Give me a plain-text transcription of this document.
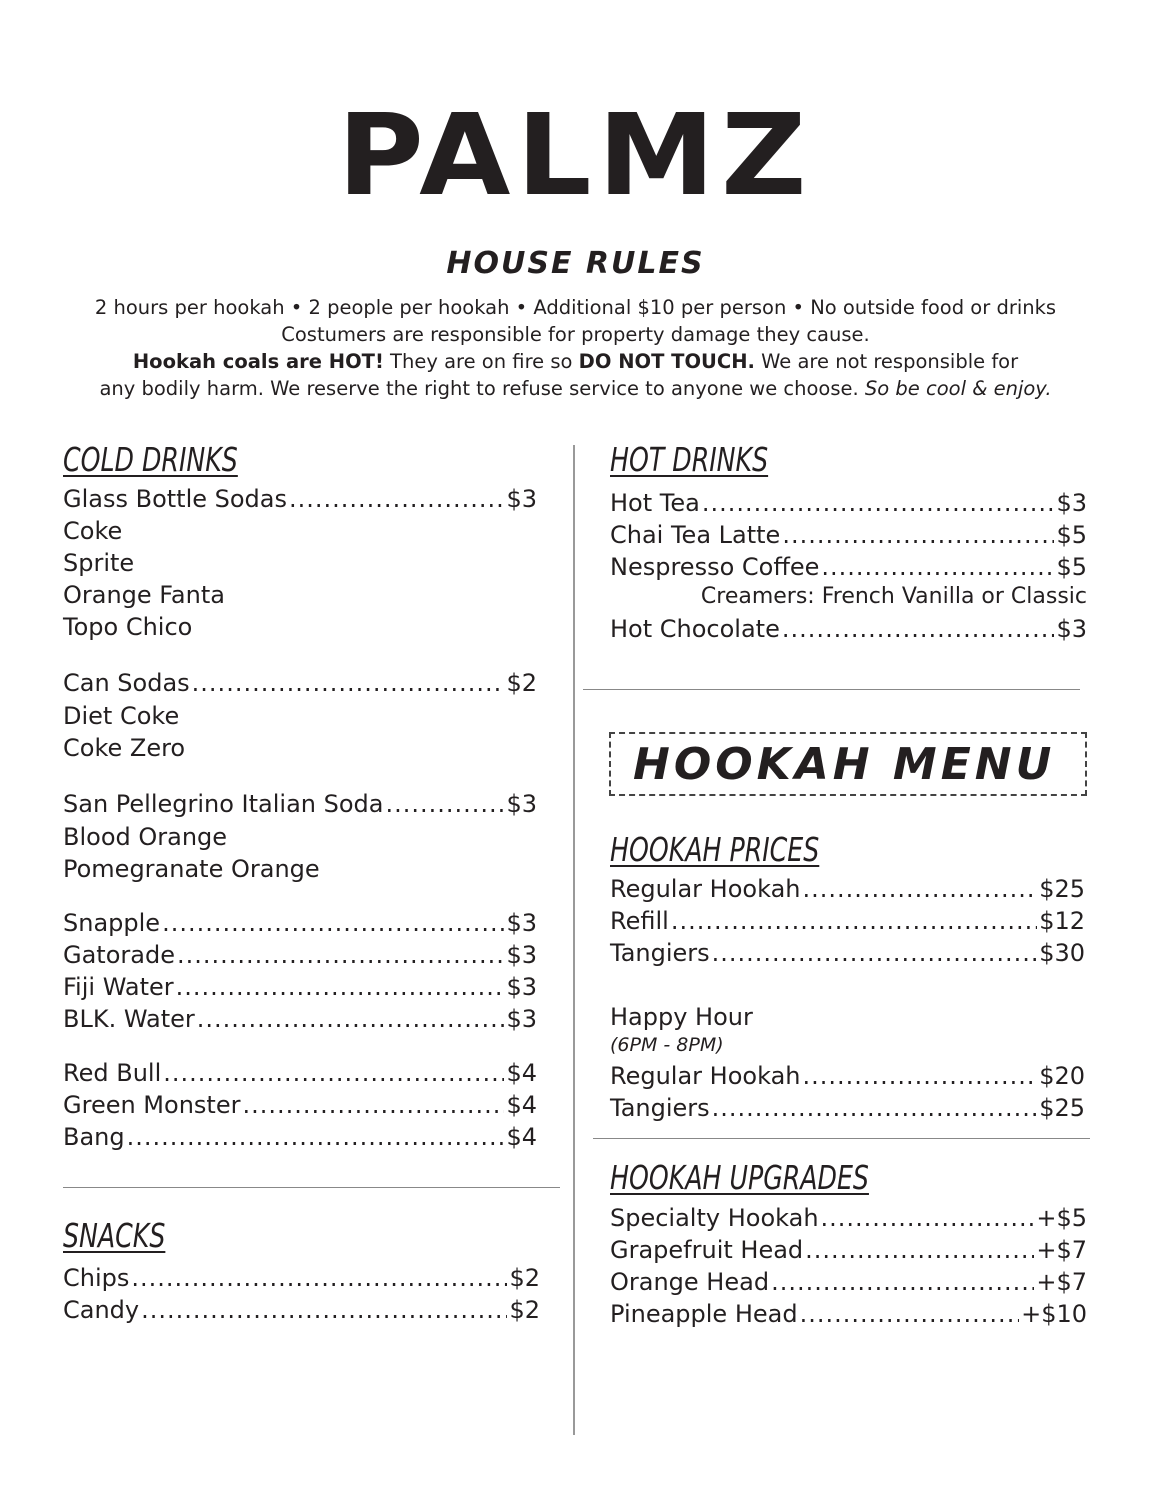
PALMZ
HOUSE RULES
2 hours per hookah • 2 people per hookah • Additional $10 per person • No outside food or drinks
Costumers are responsible for property damage they cause.
Hookah coals are HOT! They are on fire so DO NOT TOUCH. We are not responsible for
any bodily harm. We reserve the right to refuse service to anyone we choose. So be cool & enjoy.
HOOKAH MENU
COLD DRINKS
Glass Bottle Sodas .....	$3
Coke
Sprite
Orange Fanta
Topo Chico
Can Sodas .....	$2
Diet Coke
Coke Zero
San Pellegrino Italian Soda .....	$3
Blood Orange
Pomegranate Orange
Snapple .....	$3
Gatorade .....	$3
Fiji Water .....	$3
BLK. Water .....	$3
Red Bull .....	$4
Green Monster .....	$4
Bang .....	$4
SNACKS
Chips .....	$2
Candy .....	$2
HOT DRINKS
Hot Tea .....	$3
Chai Tea Latte .....	$5
Nespresso Coffee .....	$5
Creamers: French Vanilla or Classic
Hot Chocolate .....	$3
HOOKAH PRICES
Regular Hookah .....	$25
Refill .....	$12
Tangiers .....	$30
Happy Hour
(6PM - 8PM)
Regular Hookah .....	$20
Tangiers .....	$25
HOOKAH UPGRADES
Specialty Hookah .....	+$5
Grapefruit Head .....	+$7
Orange Head .....	+$7
Pineapple Head .....	+$10
